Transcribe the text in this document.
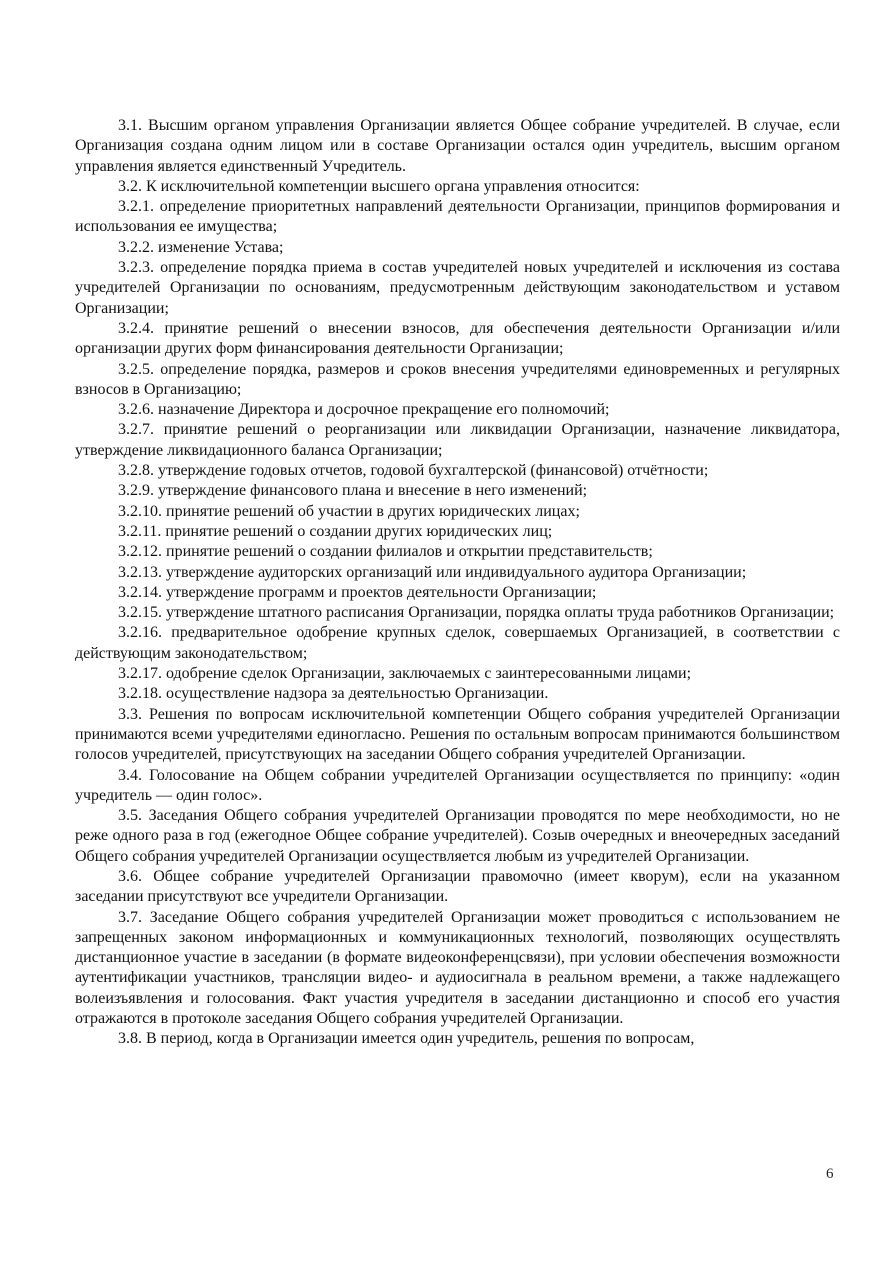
3.1. Высшим органом управления Организации является Общее собрание учредителей. В случае, если Организация создана одним лицом или в составе Организации остался один учредитель, высшим органом управления является единственный Учредитель.

3.2. К исключительной компетенции высшего органа управления относится:

3.2.1. определение приоритетных направлений деятельности Организации, принципов формирования и использования ее имущества;

3.2.2. изменение Устава;

3.2.3. определение порядка приема в состав учредителей новых учредителей и исключения из состава учредителей Организации по основаниям, предусмотренным действующим законодательством и уставом Организации;

3.2.4. принятие решений о внесении взносов, для обеспечения деятельности Организации и/или организации других форм финансирования деятельности Организации;

3.2.5. определение порядка, размеров и сроков внесения учредителями единовременных и регулярных взносов в Организацию;

3.2.6. назначение Директора и досрочное прекращение его полномочий;

3.2.7. принятие решений о реорганизации или ликвидации Организации, назначение ликвидатора, утверждение ликвидационного баланса Организации;

3.2.8. утверждение годовых отчетов, годовой бухгалтерской (финансовой) отчётности;

3.2.9. утверждение финансового плана и внесение в него изменений;

3.2.10. принятие решений об участии в других юридических лицах;

3.2.11. принятие решений о создании других юридических лиц;

3.2.12. принятие решений о создании филиалов и открытии представительств;

3.2.13. утверждение аудиторских организаций или индивидуального аудитора Организации;

3.2.14. утверждение программ и проектов деятельности Организации;

3.2.15. утверждение штатного расписания Организации, порядка оплаты труда работников Организации;

3.2.16. предварительное одобрение крупных сделок, совершаемых Организацией, в соответствии с действующим законодательством;

3.2.17. одобрение сделок Организации, заключаемых с заинтересованными лицами;

3.2.18. осуществление надзора за деятельностью Организации.

3.3. Решения по вопросам исключительной компетенции Общего собрания учредителей Организации принимаются всеми учредителями единогласно. Решения по остальным вопросам принимаются большинством голосов учредителей, присутствующих на заседании Общего собрания учредителей Организации.

3.4. Голосование на Общем собрании учредителей Организации осуществляется по принципу: «один учредитель — один голос».

3.5. Заседания Общего собрания учредителей Организации проводятся по мере необходимости, но не реже одного раза в год (ежегодное Общее собрание учредителей). Созыв очередных и внеочередных заседаний Общего собрания учредителей Организации осуществляется любым из учредителей Организации.

3.6. Общее собрание учредителей Организации правомочно (имеет кворум), если на указанном заседании присутствуют все учредители Организации.

3.7. Заседание Общего собрания учредителей Организации может проводиться с использованием не запрещенных законом информационных и коммуникационных технологий, позволяющих осуществлять дистанционное участие в заседании (в формате видеоконференцсвязи), при условии обеспечения возможности аутентификации участников, трансляции видео- и аудиосигнала в реальном времени, а также надлежащего волеизъявления и голосования. Факт участия учредителя в заседании дистанционно и способ его участия отражаются в протоколе заседания Общего собрания учредителей Организации.

3.8. В период, когда в Организации имеется один учредитель, решения по вопросам,

6
